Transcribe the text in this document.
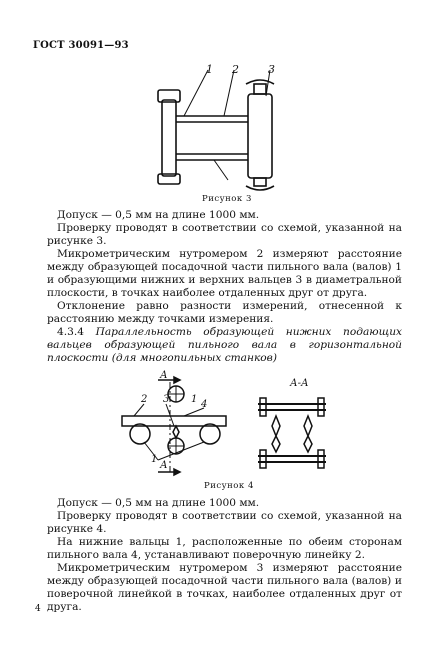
ГОСТ 30091—93
1 2	3
Рисунок 3
Допуск — 0,5 мм на длине 1000 мм.
Проверку проводят в соответствии со схемой, указанной на рисунке 3.
Микрометрическим нутромером 2 измеряют расстояние между образующей посадочной части пильного вала (валов) 1 и образующими нижних и верхних вальцев 3 в диаметральной плоскости, в точках наиболее отдаленных друг от друга.
Отклонение равно разности измерений, отнесенной к расстоянию между точками измерения.
4.3.4 Параллельность образующей нижних подающих вальцев образующей пильного вала в горизонтальной плоскости (для многопильных станков)
А
А
А-А
2 3 1 4
1
Рисунок 4
Допуск — 0,5 мм на длине 1000 мм.
Проверку проводят в соответствии со схемой, указанной на рисунке 4.
На нижние вальцы 1, расположенные по обеим сторонам пильного вала 4, устанавливают поверочную линейку 2.
Микрометрическим нутромером 3 измеряют расстояние между образующей посадочной части пильного вала (валов) и поверочной линейкой в точках, наиболее отдаленных друг от друга.
4
